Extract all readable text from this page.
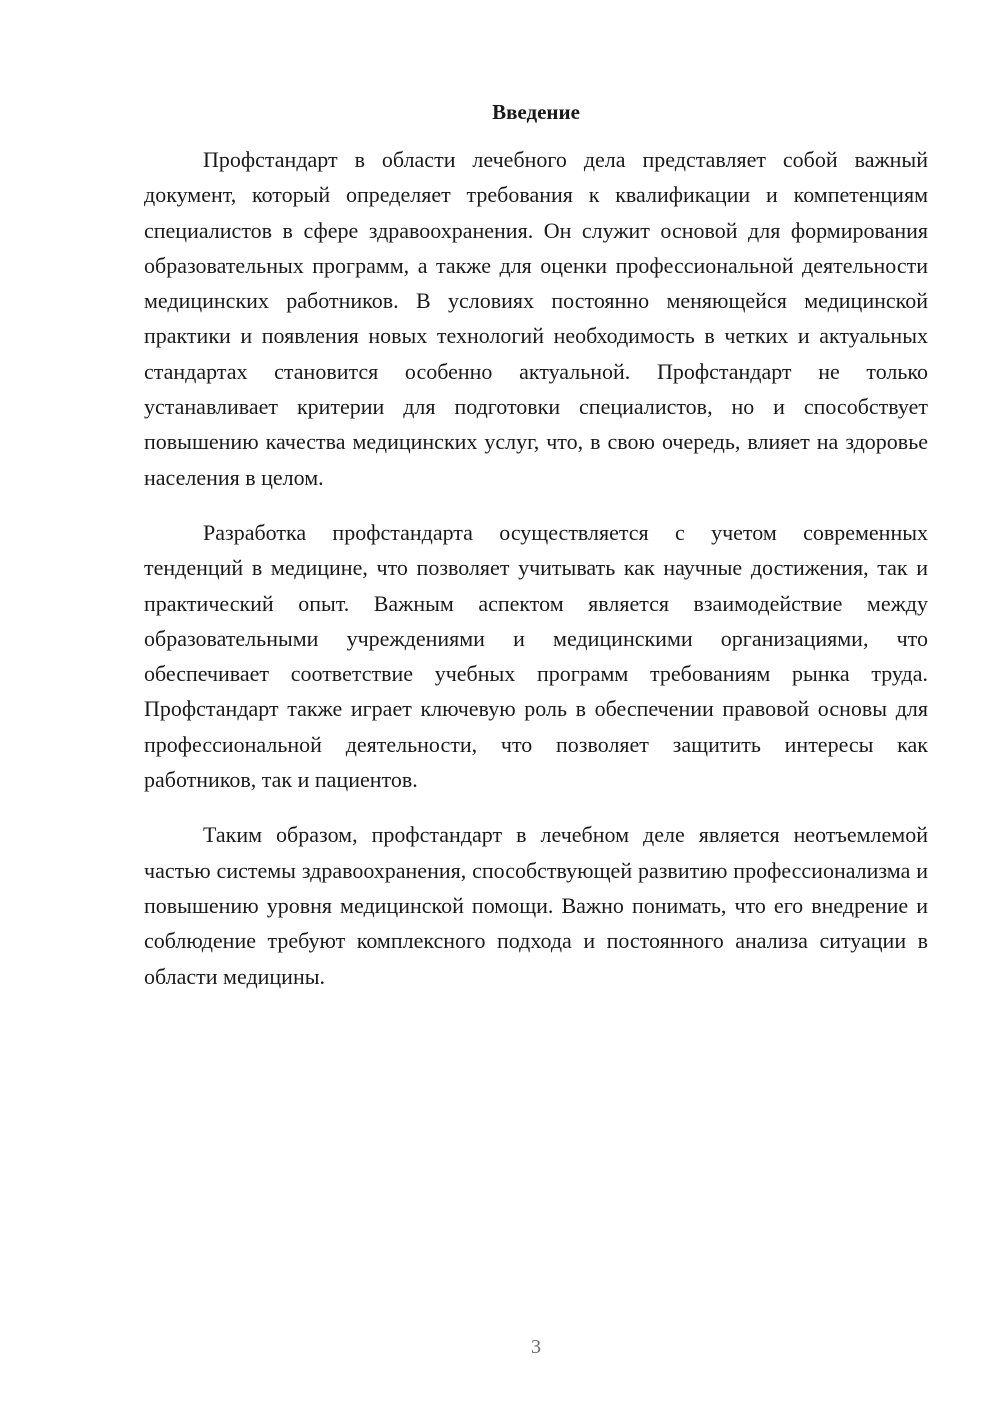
Введение

Профстандарт в области лечебного дела представляет собой важный документ, который определяет требования к квалификации и компетенциям специалистов в сфере здравоохранения. Он служит основой для формирования образовательных программ, а также для оценки профессиональной деятельности медицинских работников. В условиях постоянно меняющейся медицинской практики и появления новых технологий необходимость в четких и актуальных стандартах становится особенно актуальной. Профстандарт не только устанавливает критерии для подготовки специалистов, но и способствует повышению качества медицинских услуг, что, в свою очередь, влияет на здоровье населения в целом.

Разработка профстандарта осуществляется с учетом современных тенденций в медицине, что позволяет учитывать как научные достижения, так и практический опыт. Важным аспектом является взаимодействие между образовательными учреждениями и медицинскими организациями, что обеспечивает соответствие учебных программ требованиям рынка труда. Профстандарт также играет ключевую роль в обеспечении правовой основы для профессиональной деятельности, что позволяет защитить интересы как работников, так и пациентов.

Таким образом, профстандарт в лечебном деле является неотъемлемой частью системы здравоохранения, способствующей развитию профессионализма и повышению уровня медицинской помощи. Важно понимать, что его внедрение и соблюдение требуют комплексного подхода и постоянного анализа ситуации в области медицины.

3
